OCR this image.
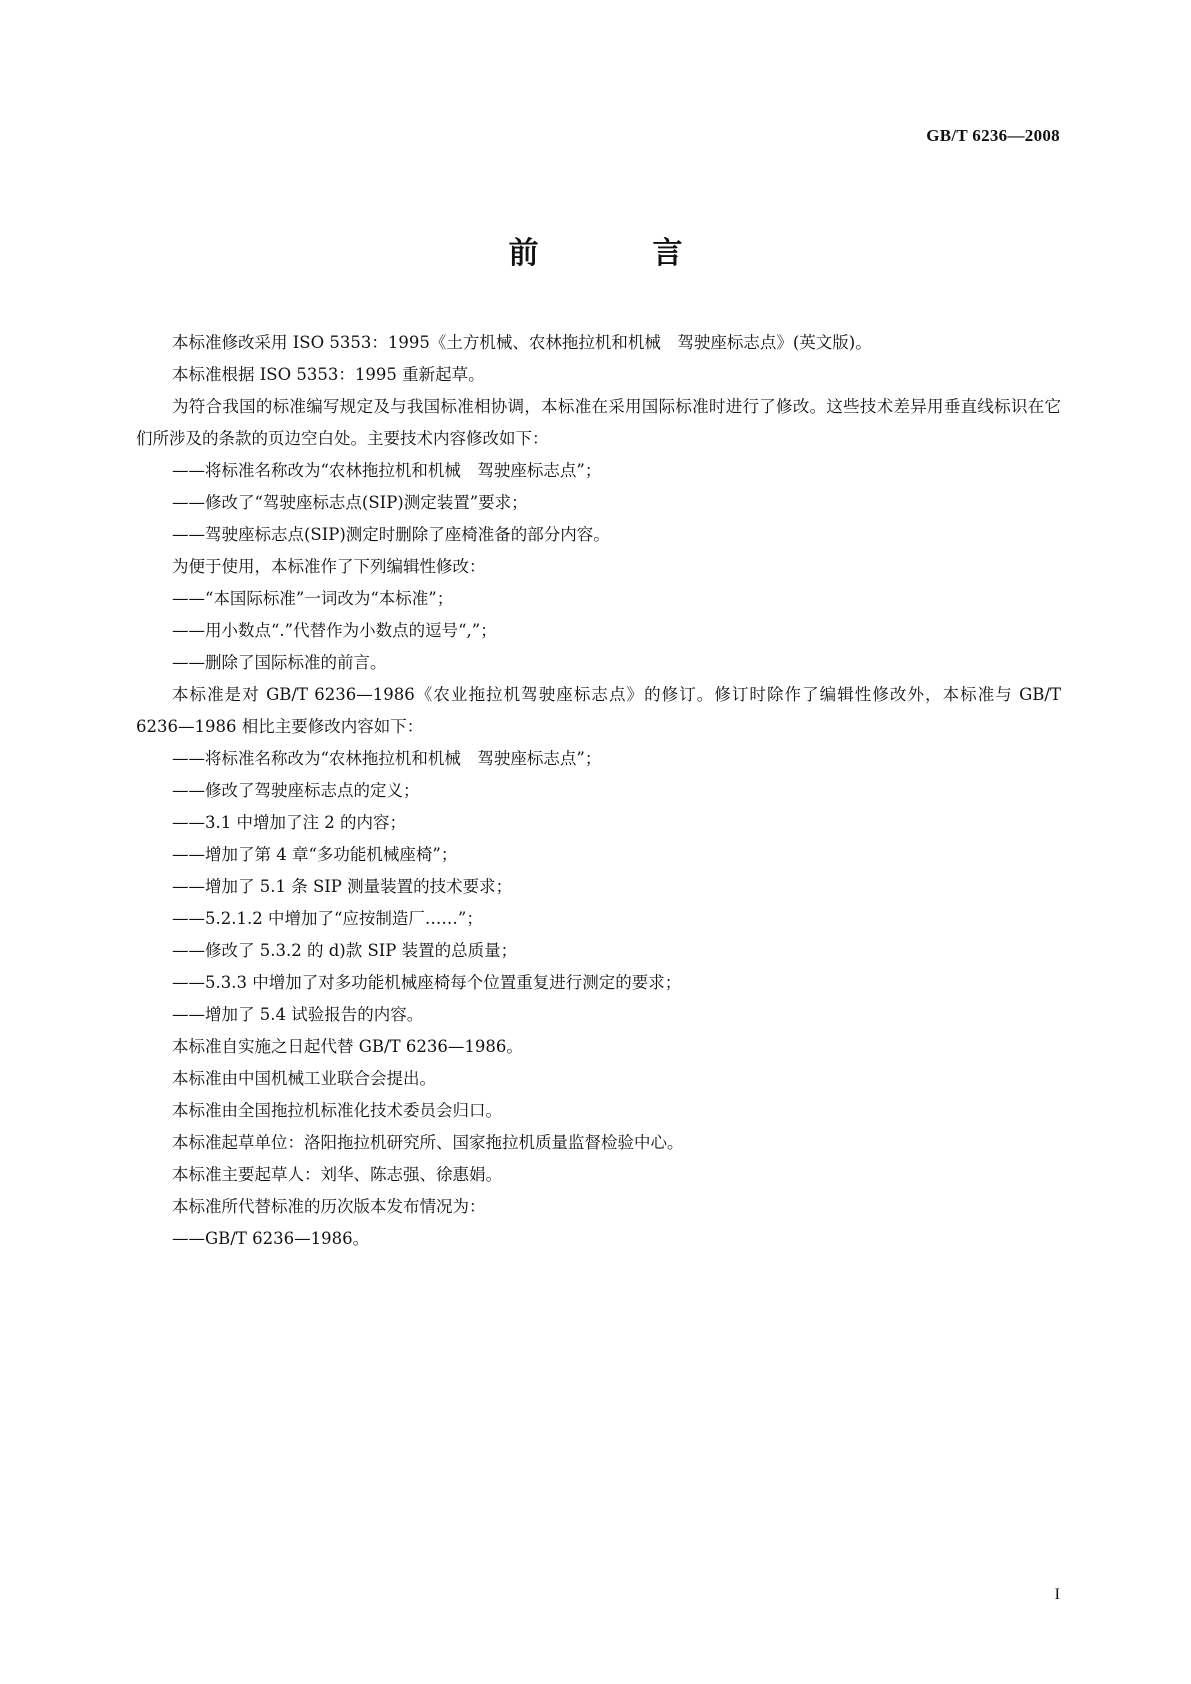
GB/T 6236—2008

前　言

本标准修改采用 ISO 5353：1995《土方机械、农林拖拉机和机械　驾驶座标志点》(英文版)。

本标准根据 ISO 5353：1995 重新起草。

为符合我国的标准编写规定及与我国标准相协调，本标准在采用国际标准时进行了修改。这些技术差异用垂直线标识在它们所涉及的条款的页边空白处。主要技术内容修改如下：

——将标准名称改为“农林拖拉机和机械　驾驶座标志点”；

——修改了“驾驶座标志点(SIP)测定装置”要求；

——驾驶座标志点(SIP)测定时删除了座椅准备的部分内容。

为便于使用，本标准作了下列编辑性修改：

——“本国际标准”一词改为“本标准”；

——用小数点“.”代替作为小数点的逗号“,”；

——删除了国际标准的前言。

本标准是对 GB/T 6236—1986《农业拖拉机驾驶座标志点》的修订。修订时除作了编辑性修改外，本标准与 GB/T 6236—1986 相比主要修改内容如下：

——将标准名称改为“农林拖拉机和机械　驾驶座标志点”；

——修改了驾驶座标志点的定义；

——3.1 中增加了注 2 的内容；

——增加了第 4 章“多功能机械座椅”；

——增加了 5.1 条 SIP 测量装置的技术要求；

——5.2.1.2 中增加了“应按制造厂……”；

——修改了 5.3.2 的 d)款 SIP 装置的总质量；

——5.3.3 中增加了对多功能机械座椅每个位置重复进行测定的要求；

——增加了 5.4 试验报告的内容。

本标准自实施之日起代替 GB/T 6236—1986。

本标准由中国机械工业联合会提出。

本标准由全国拖拉机标准化技术委员会归口。

本标准起草单位：洛阳拖拉机研究所、国家拖拉机质量监督检验中心。

本标准主要起草人：刘华、陈志强、徐惠娟。

本标准所代替标准的历次版本发布情况为：

——GB/T 6236—1986。

I
